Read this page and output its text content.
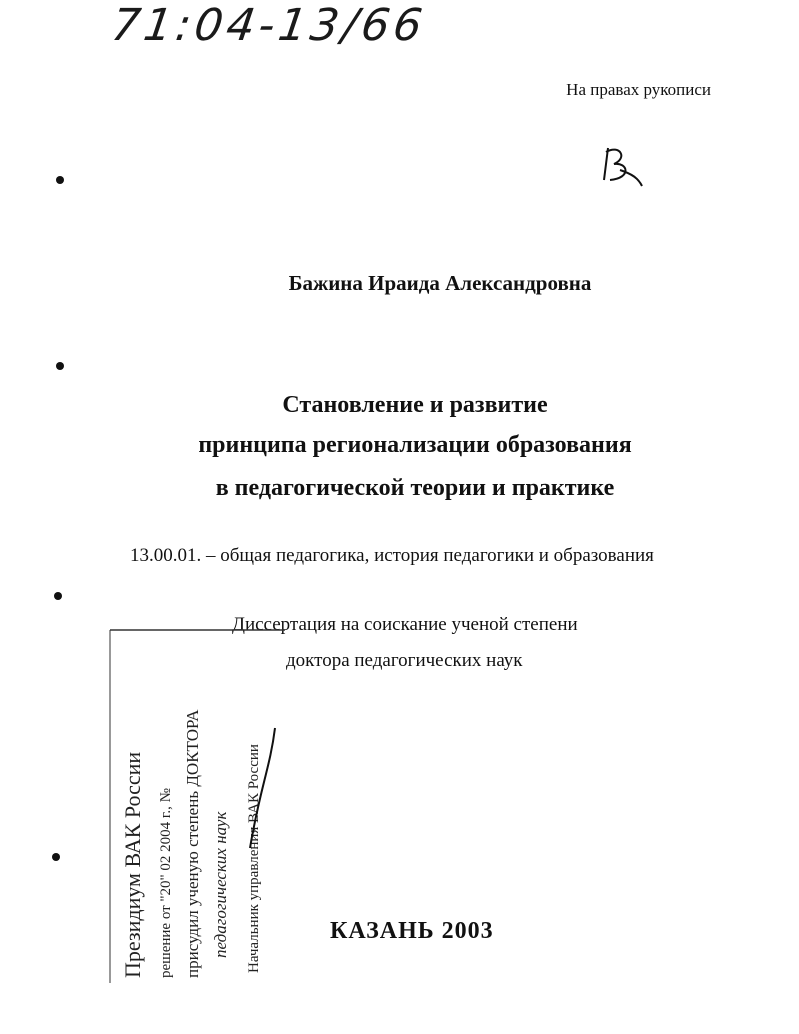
71:04-13/66
На правах рукописи
Бажина Ираида Александровна
Становление и развитие
принципа регионализации образования
в педагогической теории и практике
13.00.01. – общая педагогика, история педагогики и образования
Диссертация на соискание ученой степени
доктора педагогических наук
Президиум ВАК России решение от "20" 02 2004 г., № присудил ученую степень ДОКТОРА педагогических наук Начальник управления ВАК России	КАЗАНЬ 2003
